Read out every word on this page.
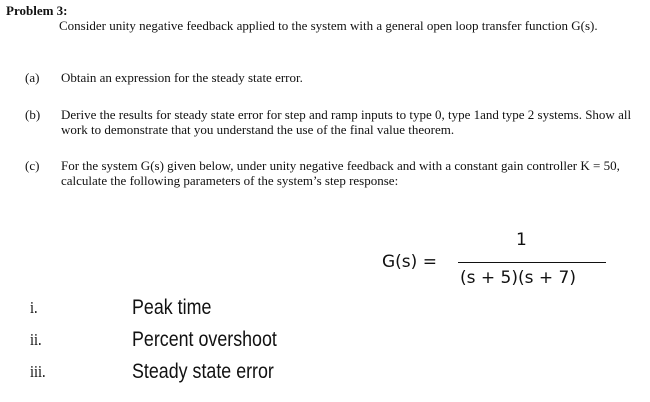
Problem 3:
Consider unity negative feedback applied to the system with a general open loop transfer function G(s).
(a) Obtain an expression for the steady state error.
(b) Derive the results for steady state error for step and ramp inputs to type 0, type 1and type 2 systems. Show all work to demonstrate that you understand the use of the final value theorem.
(c) For the system G(s) given below, under unity negative feedback and with a constant gain controller K = 50, calculate the following parameters of the system’s step response:
G(s) =
1
(s + 5)(s + 7)
i.	Peak time
ii.	Percent overshoot
iii.	Steady state error
